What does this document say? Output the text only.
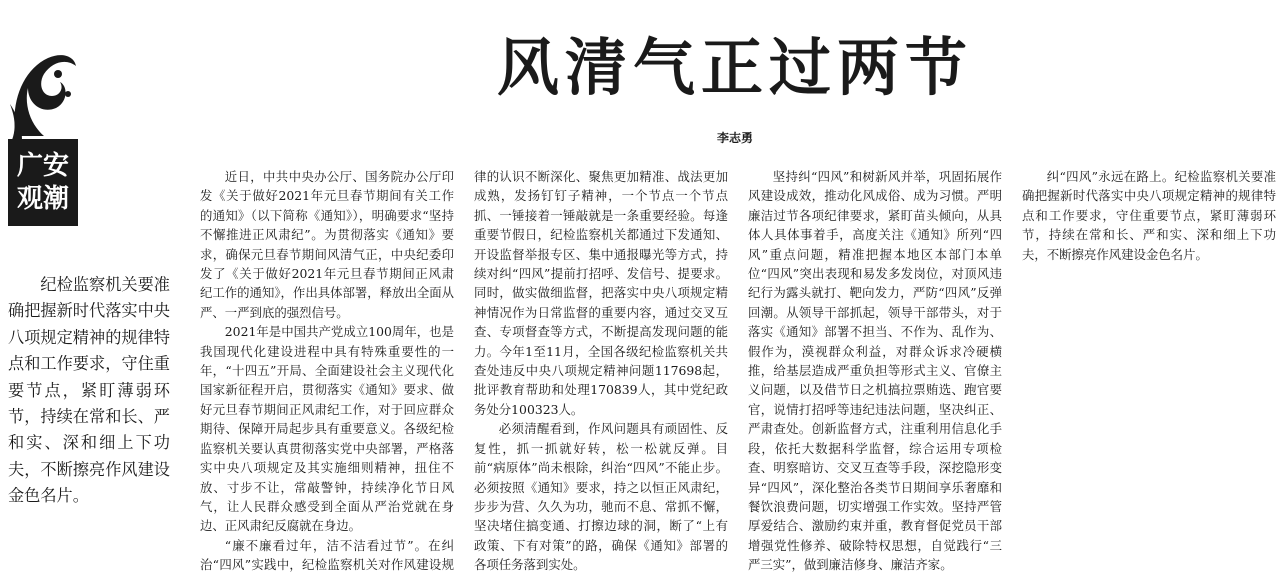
广安
观潮

纪检监察机关要准确把握新时代落实中央八项规定精神的规律特点和工作要求，守住重要节点，紧盯薄弱环节，持续在常和长、严和实、深和细上下功夫，不断擦亮作风建设金色名片。

风清气正过两节
李志勇

近日，中共中央办公厅、国务院办公厅印发《关于做好2021年元旦春节期间有关工作的通知》（以下简称《通知》），明确要求“坚持不懈推进正风肃纪”。为贯彻落实《通知》要求，确保元旦春节期间风清气正，中央纪委印发了《关于做好2021年元旦春节期间正风肃纪工作的通知》，作出具体部署，释放出全面从严、一严到底的强烈信号。

2021年是中国共产党成立100周年，也是我国现代化建设进程中具有特殊重要性的一年，“十四五”开局、全面建设社会主义现代化国家新征程开启，贯彻落实《通知》要求、做好元旦春节期间正风肃纪工作，对于回应群众期待、保障开局起步具有重要意义。各级纪检监察机关要认真贯彻落实党中央部署，严格落实中央八项规定及其实施细则精神，扭住不放、寸步不让，常敲警钟，持续净化节日风气，让人民群众感受到全面从严治党就在身边、正风肃纪反腐就在身边。

“廉不廉看过年，洁不洁看过节”。在纠治“四风”实践中，纪检监察机关对作风建设规律的认识不断深化、聚焦更加精准、战法更加成熟，发扬钉钉子精神，一个节点一个节点抓、一锤接着一锤敲就是一条重要经验。每逢重要节假日，纪检监察机关都通过下发通知、开设监督举报专区、集中通报曝光等方式，持续对纠“四风”提前打招呼、发信号、提要求。同时，做实做细监督，把落实中央八项规定精神情况作为日常监督的重要内容，通过交叉互查、专项督查等方式，不断提高发现问题的能力。今年1至11月，全国各级纪检监察机关共查处违反中央八项规定精神问题117698起，批评教育帮助和处理170839人，其中党纪政务处分100323人。

必须清醒看到，作风问题具有顽固性、反复性，抓一抓就好转，松一松就反弹。目前“病原体”尚未根除，纠治“四风”不能止步。必须按照《通知》要求，持之以恒正风肃纪，步步为营、久久为功，驰而不息、常抓不懈，坚决堵住搞变通、打擦边球的洞，断了“上有政策、下有对策”的路，确保《通知》部署的各项任务落到实处。

坚持纠“四风”和树新风并举，巩固拓展作风建设成效，推动化风成俗、成为习惯。严明廉洁过节各项纪律要求，紧盯苗头倾向，从具体人具体事着手，高度关注《通知》所列“四风”重点问题，精准把握本地区本部门本单位“四风”突出表现和易发多发岗位，对顶风违纪行为露头就打、靶向发力，严防“四风”反弹回潮。从领导干部抓起，领导干部带头，对于落实《通知》部署不担当、不作为、乱作为、假作为，漠视群众利益，对群众诉求冷硬横推，给基层造成严重负担等形式主义、官僚主义问题，以及借节日之机搞拉票贿选、跑官要官，说情打招呼等违纪违法问题，坚决纠正、严肃查处。创新监督方式，注重利用信息化手段，依托大数据科学监督，综合运用专项检查、明察暗访、交叉互查等手段，深挖隐形变异“四风”，深化整治各类节日期间享乐奢靡和餐饮浪费问题，切实增强工作实效。坚持严管厚爱结合、激励约束并重，教育督促党员干部增强党性修养、破除特权思想，自觉践行“三严三实”，做到廉洁修身、廉洁齐家。

纠“四风”永远在路上。纪检监察机关要准确把握新时代落实中央八项规定精神的规律特点和工作要求，守住重要节点，紧盯薄弱环节，持续在常和长、严和实、深和细上下功夫，不断擦亮作风建设金色名片。
